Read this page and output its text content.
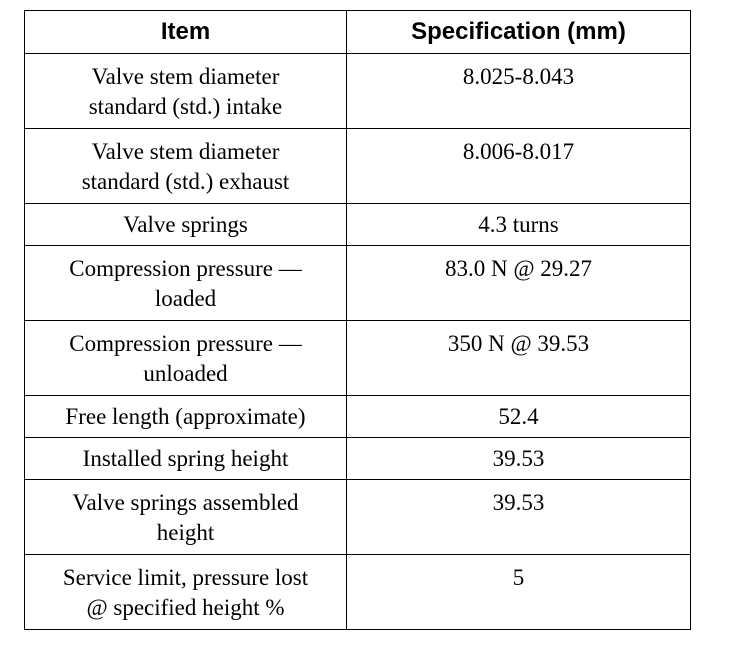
Item	Specification (mm)

Valve stem diameter
standard (std.) intake	8.025-8.043

Valve stem diameter
standard (std.) exhaust	8.006-8.017

Valve springs	4.3 turns

Compression pressure —
loaded	83.0 N @ 29.27

Compression pressure —
unloaded	350 N @ 39.53

Free length (approximate)	52.4

Installed spring height	39.53

Valve springs assembled
height	39.53

Service limit, pressure lost
@ specified height %	5
